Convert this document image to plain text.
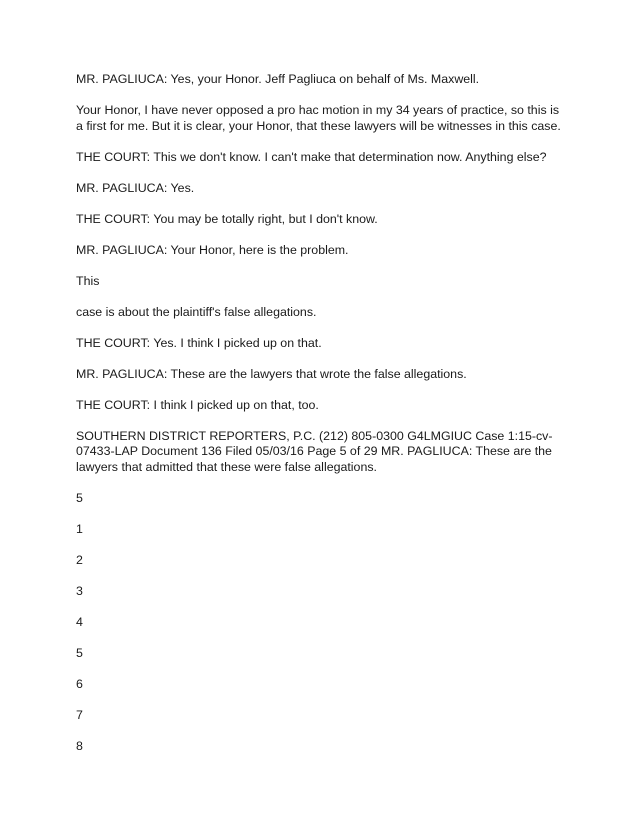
MR. PAGLIUCA: Yes, your Honor. Jeff Pagliuca on behalf of Ms. Maxwell.

Your Honor, I have never opposed a pro hac motion in my 34 years of practice, so this is a first for me. But it is clear, your Honor, that these lawyers will be witnesses in this case.

THE COURT: This we don't know. I can't make that determination now. Anything else?

MR. PAGLIUCA: Yes.

THE COURT: You may be totally right, but I don't know.

MR. PAGLIUCA: Your Honor, here is the problem.

This

case is about the plaintiff's false allegations.

THE COURT: Yes. I think I picked up on that.

MR. PAGLIUCA: These are the lawyers that wrote the false allegations.

THE COURT: I think I picked up on that, too.

SOUTHERN DISTRICT REPORTERS, P.C. (212) 805-0300 G4LMGIUC Case 1:15-cv-07433-LAP Document 136 Filed 05/03/16 Page 5 of 29 MR. PAGLIUCA: These are the lawyers that admitted that these were false allegations.

5

1

2

3

4

5

6

7

8
